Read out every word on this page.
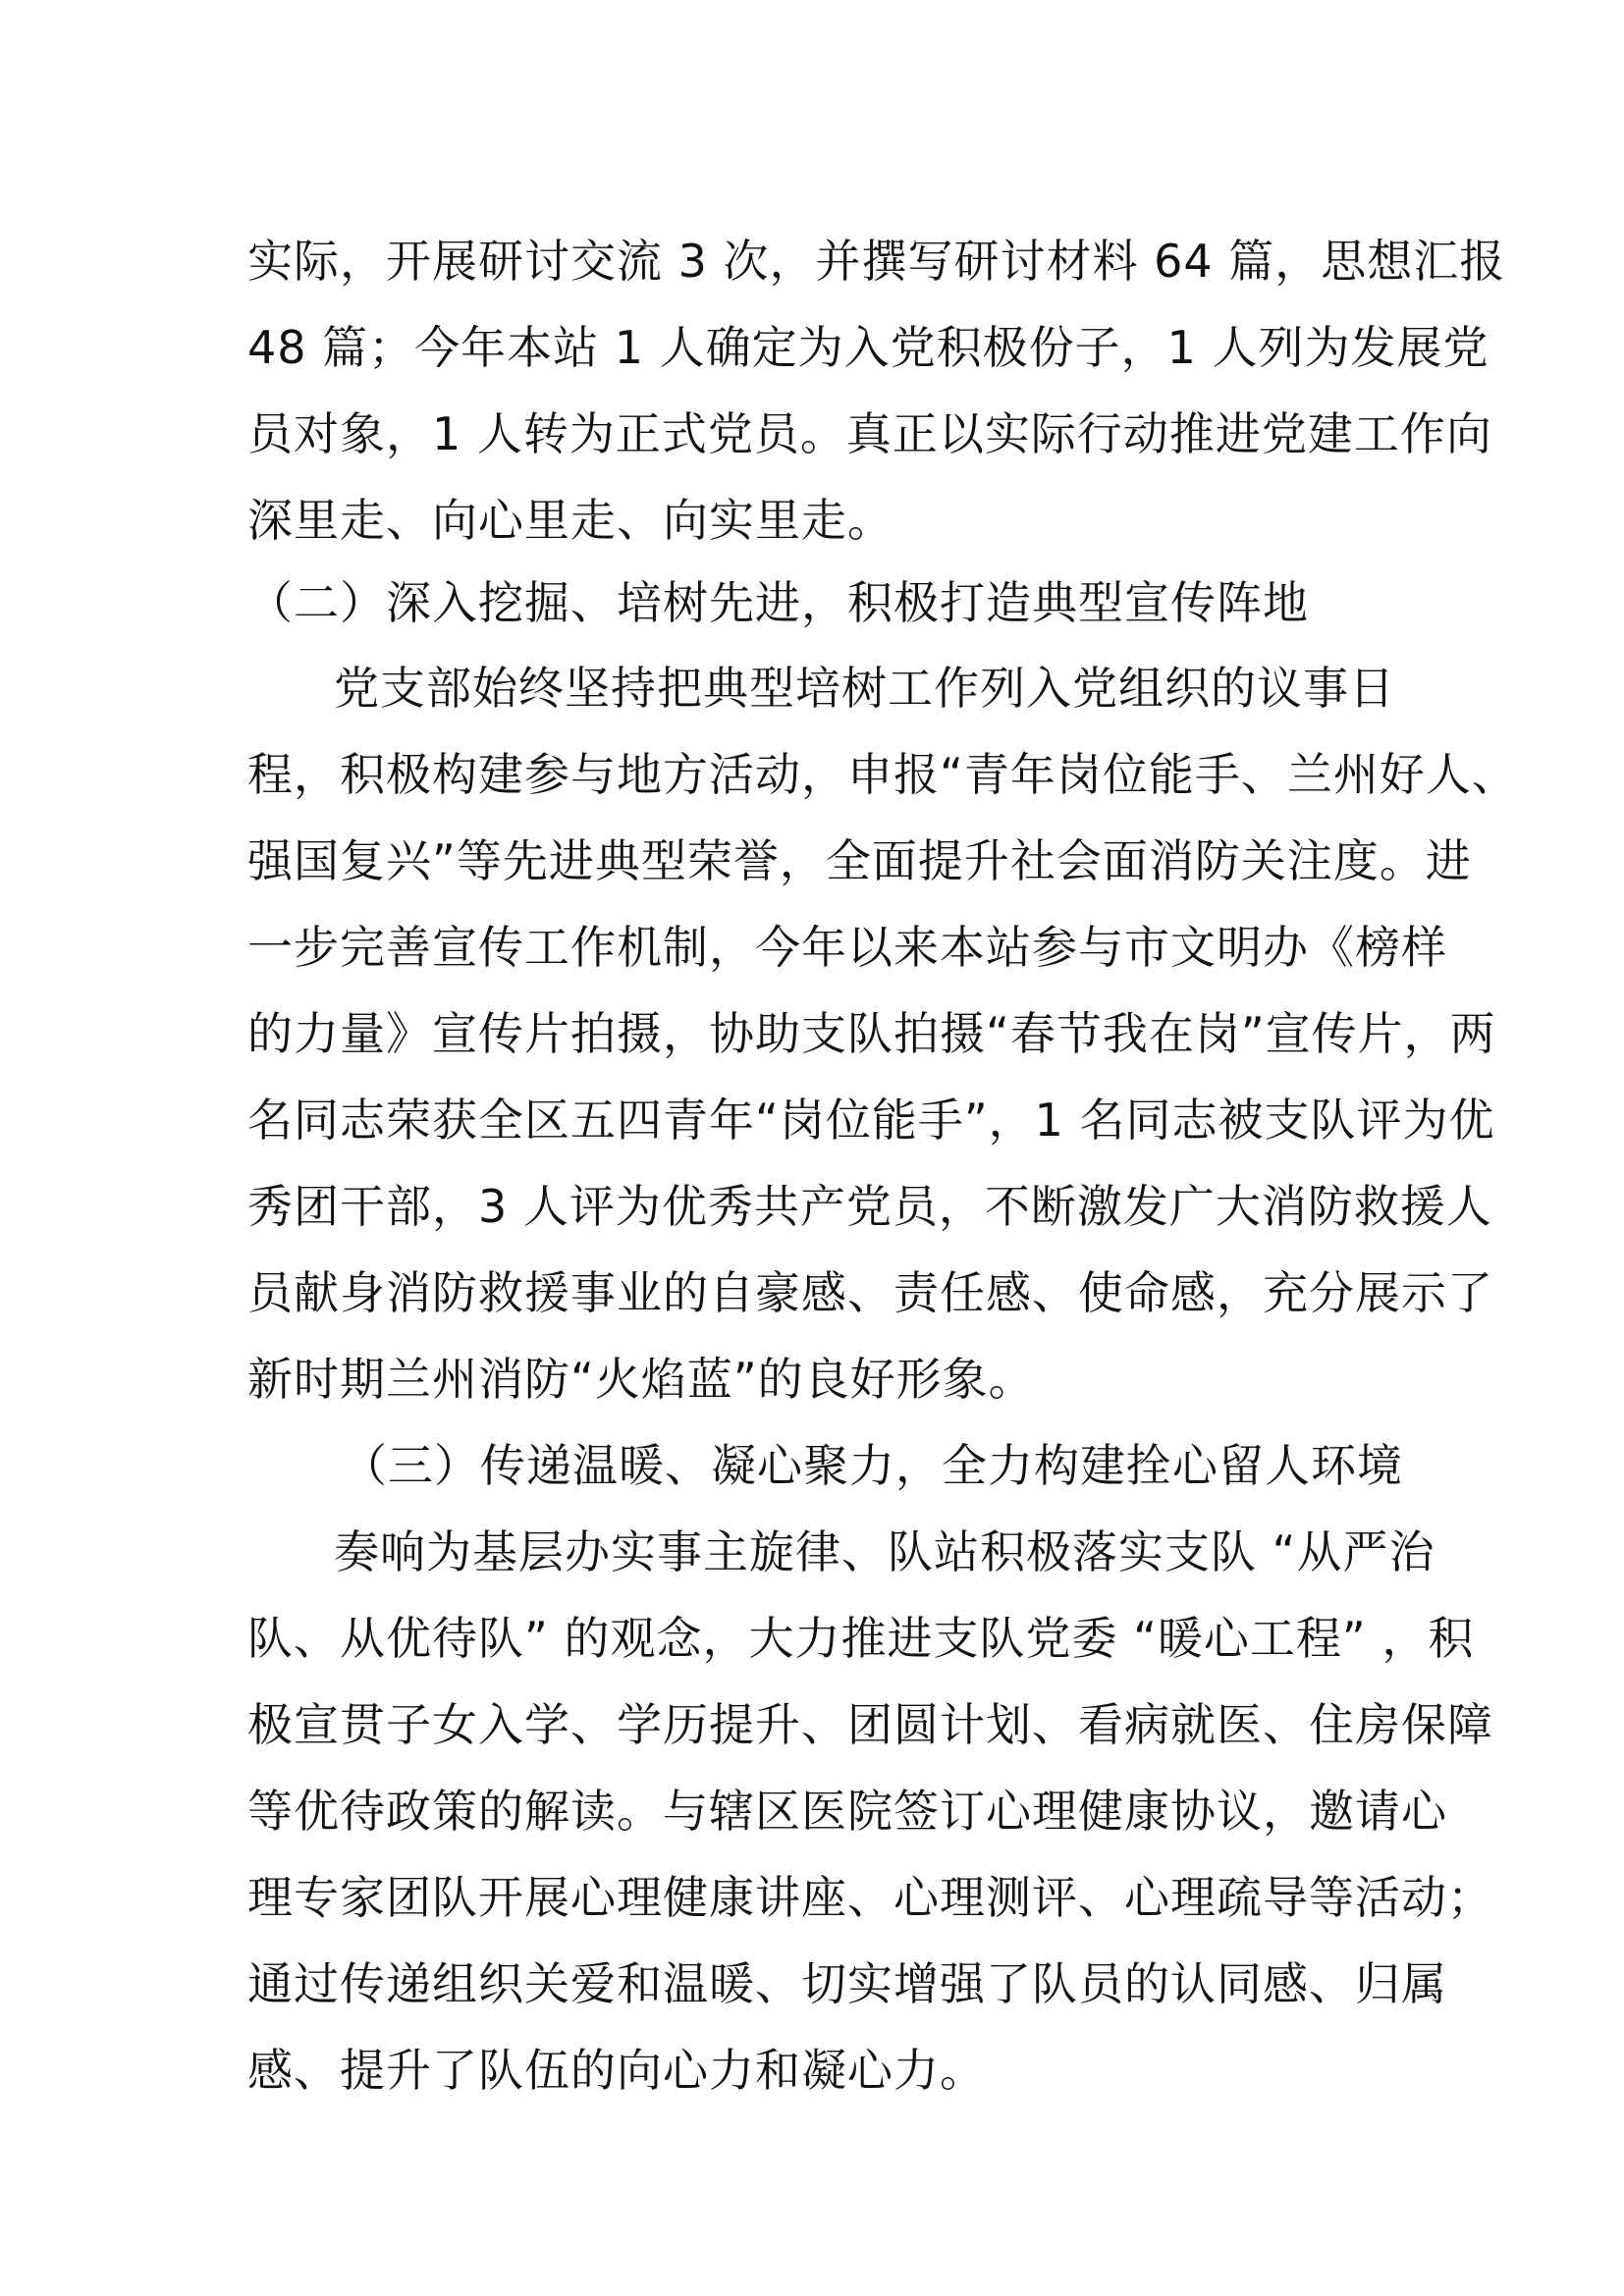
实际，开展研讨交流 3 次，并撰写研讨材料 64 篇，思想汇报

48 篇；今年本站 1 人确定为入党积极份子，1 人列为发展党

员对象，1 人转为正式党员。真正以实际行动推进党建工作向

深里走、向心里走、向实里走。

（二）深入挖掘、培树先进，积极打造典型宣传阵地

党支部始终坚持把典型培树工作列入党组织的议事日

程，积极构建参与地方活动，申报“青年岗位能手、兰州好人、

强国复兴”等先进典型荣誉，全面提升社会面消防关注度。进

一步完善宣传工作机制，今年以来本站参与市文明办《榜样

的力量》宣传片拍摄，协助支队拍摄“春节我在岗”宣传片，两

名同志荣获全区五四青年“岗位能手”，1 名同志被支队评为优

秀团干部，3 人评为优秀共产党员，不断激发广大消防救援人

员献身消防救援事业的自豪感、责任感、使命感，充分展示了

新时期兰州消防“火焰蓝”的良好形象。

（三）传递温暖、凝心聚力，全力构建拴心留人环境

奏响为基层办实事主旋律、队站积极落实支队 “从严治

队、从优待队” 的观念，大力推进支队党委 “暖心工程” ，积

极宣贯子女入学、学历提升、团圆计划、看病就医、住房保障

等优待政策的解读。与辖区医院签订心理健康协议，邀请心

理专家团队开展心理健康讲座、心理测评、心理疏导等活动；

通过传递组织关爱和温暖、切实增强了队员的认同感、归属

感、提升了队伍的向心力和凝心力。
